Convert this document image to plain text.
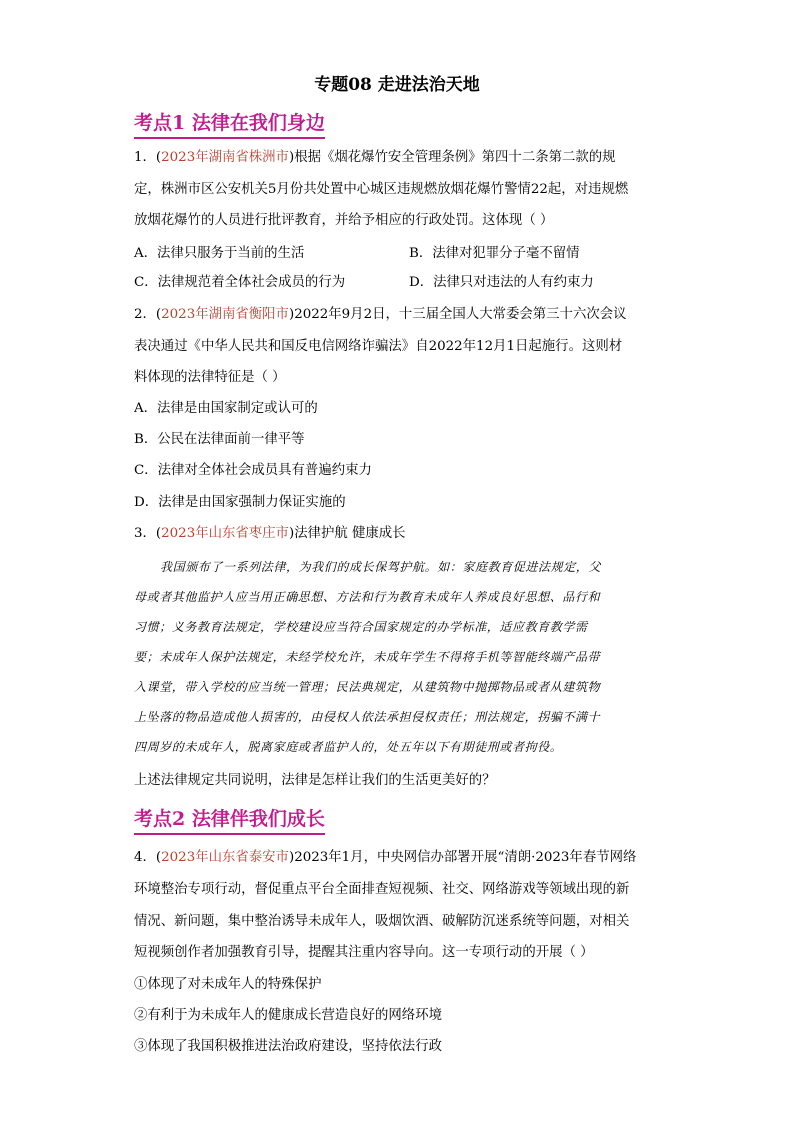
专题08 走进法治天地
考点1 法律在我们身边
1．(2023年湖南省株洲市)根据《烟花爆竹安全管理条例》第四十二条第二款的规
定，株洲市区公安机关5月份共处置中心城区违规燃放烟花爆竹警情22起，对违规燃
放烟花爆竹的人员进行批评教育，并给予相应的行政处罚。这体现（ ）
A．法律只服务于当前的生活	B．法律对犯罪分子毫不留情
C．法律规范着全体社会成员的行为	D．法律只对违法的人有约束力
2．(2023年湖南省衡阳市)2022年9月2日，十三届全国人大常委会第三十六次会议
表决通过《中华人民共和国反电信网络诈骗法》自2022年12月1日起施行。这则材
料体现的法律特征是（ ）
A．法律是由国家制定或认可的
B．公民在法律面前一律平等
C．法律对全体社会成员具有普遍约束力
D．法律是由国家强制力保证实施的
3．(2023年山东省枣庄市)法律护航 健康成长
我国颁布了一系列法律，为我们的成长保驾护航。如：家庭教育促进法规定，父
母或者其他监护人应当用正确思想、方法和行为教育未成年人养成良好思想、品行和
习惯；义务教育法规定，学校建设应当符合国家规定的办学标准，适应教育教学需
要；未成年人保护法规定，未经学校允许，未成年学生不得将手机等智能终端产品带
入课堂，带入学校的应当统一管理；民法典规定，从建筑物中抛掷物品或者从建筑物
上坠落的物品造成他人损害的，由侵权人依法承担侵权责任；刑法规定，拐骗不满十
四周岁的未成年人，脱离家庭或者监护人的，处五年以下有期徒刑或者拘役。
上述法律规定共同说明，法律是怎样让我们的生活更美好的？
考点2 法律伴我们成长
4．(2023年山东省泰安市)2023年1月，中央网信办部署开展“清朗·2023年春节网络
环境整治专项行动，督促重点平台全面排查短视频、社交、网络游戏等领域出现的新
情况、新问题，集中整治诱导未成年人，吸烟饮酒、破解防沉迷系统等问题，对相关
短视频创作者加强教育引导，提醒其注重内容导向。这一专项行动的开展（ ）
①体现了对未成年人的特殊保护
②有利于为未成年人的健康成长营造良好的网络环境
③体现了我国积极推进法治政府建设，坚持依法行政
